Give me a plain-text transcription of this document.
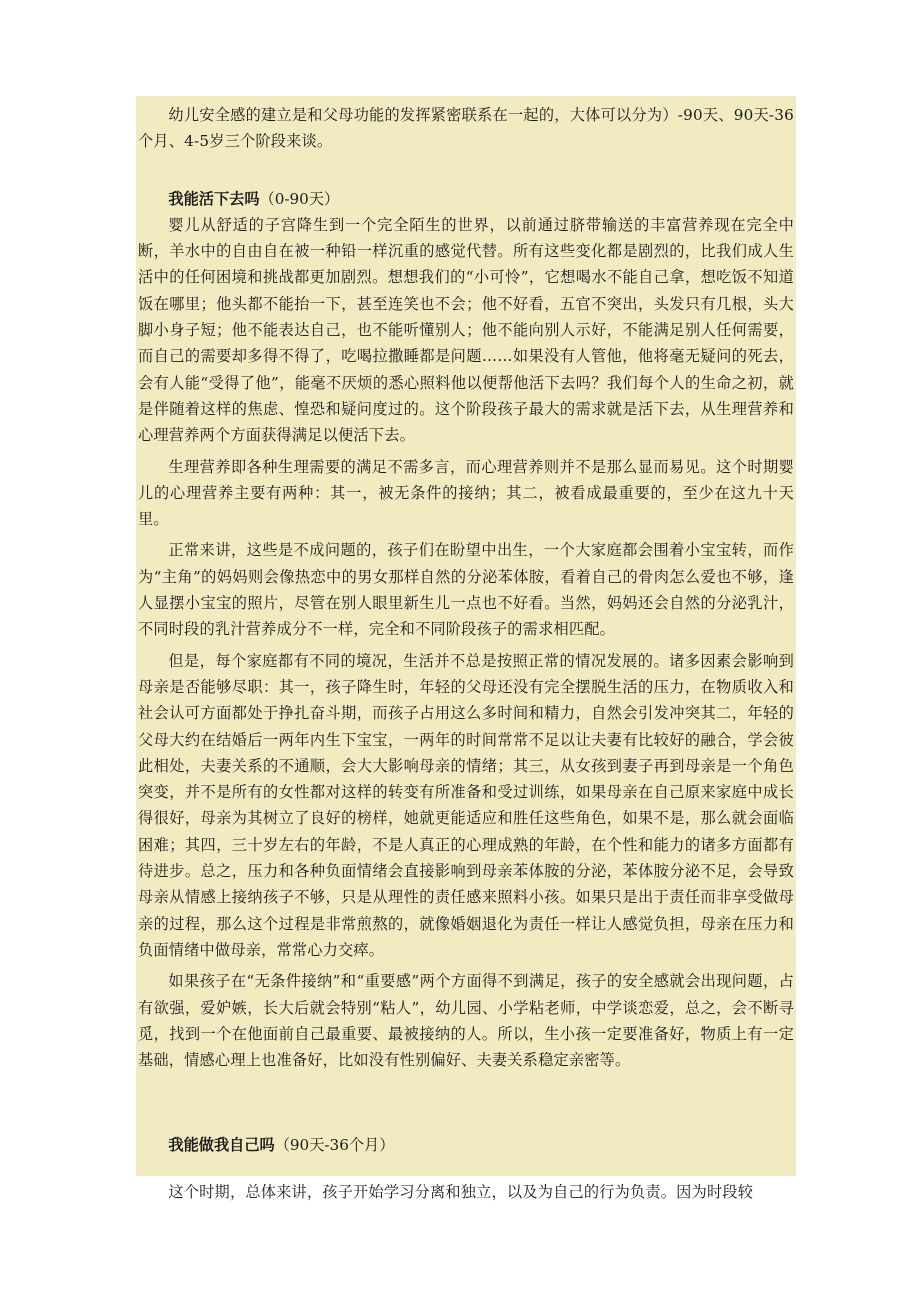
幼儿安全感的建立是和父母功能的发挥紧密联系在一起的，大体可以分为）-90天、90天-36个月、4-5岁三个阶段来谈。

我能活下去吗（0-90天）

婴儿从舒适的子宫降生到一个完全陌生的世界，以前通过脐带输送的丰富营养现在完全中断，羊水中的自由自在被一种铅一样沉重的感觉代替。所有这些变化都是剧烈的，比我们成人生活中的任何困境和挑战都更加剧烈。想想我们的“小可怜”，它想喝水不能自己拿，想吃饭不知道饭在哪里；他头都不能抬一下，甚至连笑也不会；他不好看，五官不突出，头发只有几根，头大脚小身子短；他不能表达自己，也不能听懂别人；他不能向别人示好，不能满足别人任何需要，而自己的需要却多得不得了，吃喝拉撒睡都是问题……如果没有人管他，他将毫无疑问的死去，会有人能“受得了他”，能毫不厌烦的悉心照料他以便帮他活下去吗？我们每个人的生命之初，就是伴随着这样的焦虑、惶恐和疑问度过的。这个阶段孩子最大的需求就是活下去，从生理营养和心理营养两个方面获得满足以便活下去。

生理营养即各种生理需要的满足不需多言，而心理营养则并不是那么显而易见。这个时期婴儿的心理营养主要有两种：其一，被无条件的接纳；其二，被看成最重要的，至少在这九十天里。

正常来讲，这些是不成问题的，孩子们在盼望中出生，一个大家庭都会围着小宝宝转，而作为“主角”的妈妈则会像热恋中的男女那样自然的分泌苯体胺，看着自己的骨肉怎么爱也不够，逢人显摆小宝宝的照片，尽管在别人眼里新生儿一点也不好看。当然，妈妈还会自然的分泌乳汁，不同时段的乳汁营养成分不一样，完全和不同阶段孩子的需求相匹配。

但是，每个家庭都有不同的境况，生活并不总是按照正常的情况发展的。诸多因素会影响到母亲是否能够尽职：其一，孩子降生时，年轻的父母还没有完全摆脱生活的压力，在物质收入和社会认可方面都处于挣扎奋斗期，而孩子占用这么多时间和精力，自然会引发冲突其二，年轻的父母大约在结婚后一两年内生下宝宝，一两年的时间常常不足以让夫妻有比较好的融合，学会彼此相处，夫妻关系的不通顺，会大大影响母亲的情绪；其三，从女孩到妻子再到母亲是一个角色突变，并不是所有的女性都对这样的转变有所准备和受过训练，如果母亲在自己原来家庭中成长得很好，母亲为其树立了良好的榜样，她就更能适应和胜任这些角色，如果不是，那么就会面临困难；其四，三十岁左右的年龄，不是人真正的心理成熟的年龄，在个性和能力的诸多方面都有待进步。总之，压力和各种负面情绪会直接影响到母亲苯体胺的分泌，苯体胺分泌不足，会导致母亲从情感上接纳孩子不够，只是从理性的责任感来照料小孩。如果只是出于责任而非享受做母亲的过程，那么这个过程是非常煎熬的，就像婚姻退化为责任一样让人感觉负担，母亲在压力和负面情绪中做母亲，常常心力交瘁。

如果孩子在“无条件接纳”和“重要感”两个方面得不到满足，孩子的安全感就会出现问题，占有欲强，爱妒嫉，长大后就会特别“粘人”，幼儿园、小学粘老师，中学谈恋爱，总之，会不断寻觅，找到一个在他面前自己最重要、最被接纳的人。所以，生小孩一定要准备好，物质上有一定基础，情感心理上也准备好，比如没有性别偏好、夫妻关系稳定亲密等。

我能做我自己吗（90天-36个月）

这个时期，总体来讲，孩子开始学习分离和独立，以及为自己的行为负责。因为时段较
